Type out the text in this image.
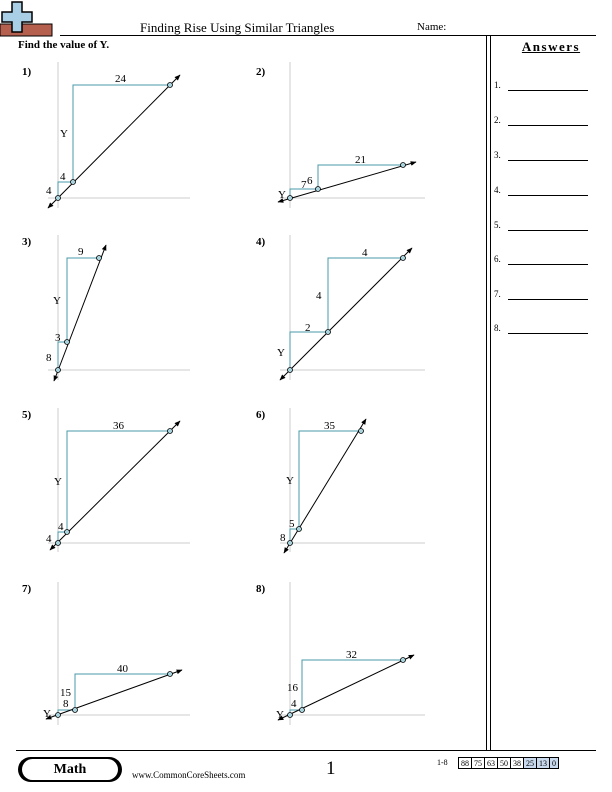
Finding Rise Using Similar Triangles	Name:
Find the value of Y.	Answers
1.
2.
3.
4.
5.
6.
7.
8.
1)
4
4
24
Y
2)
Y
6
21
7
3)
3
8
9
Y
4)
2
Y
4
4
5)
4
4
36
Y
6)
5
8
35
Y
7)
8
Y
40
15
8)
4
Y
32
16
Math	www.CommonCoreSheets.com	1	1-8 88	75	63	50	38	25	13	0
